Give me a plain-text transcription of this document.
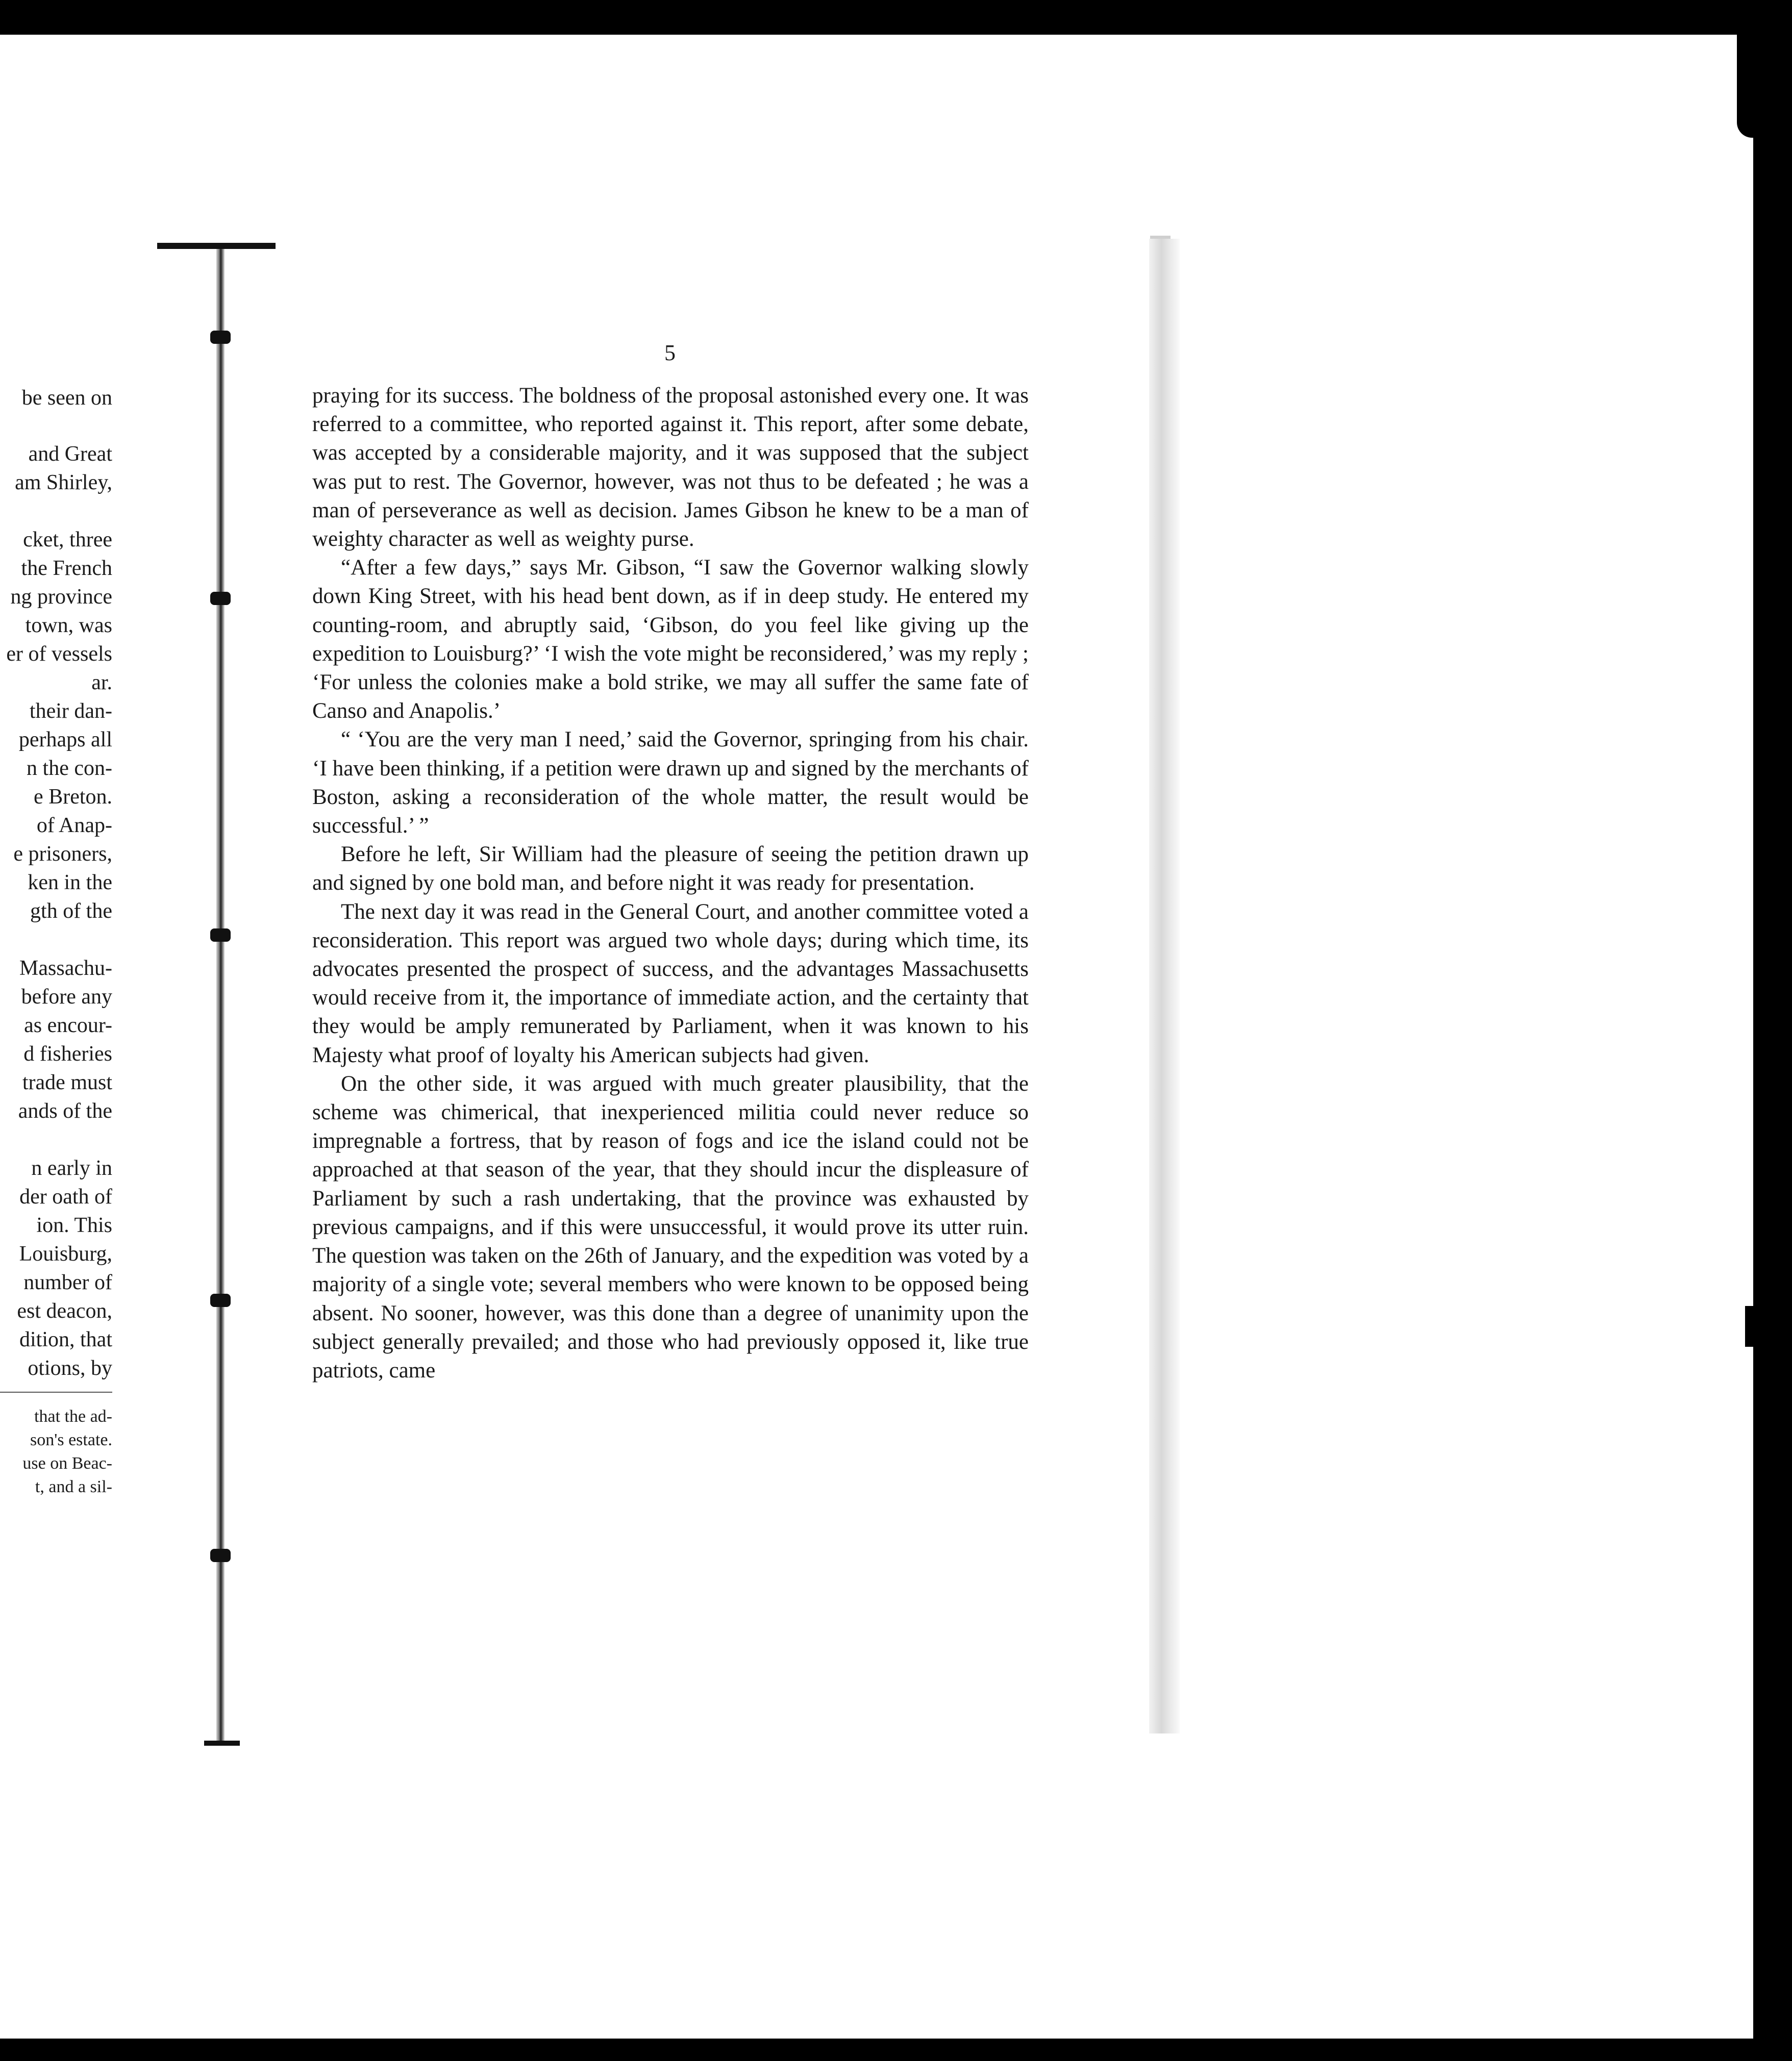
be seen on
and Great
am Shirley,
cket, three
the French
ng province
town, was
er of vessels
ar.
their dan-
perhaps all
n the con-
e Breton.
of Anap-
e prisoners,
ken in the
gth of the
Massachu-
before any
as encour-
d fisheries
trade must
ands of the
n early in
der oath of
ion. This
Louisburg,
number of
est deacon,
dition, that
otions, by
that the ad-
son's estate.
use on Beac-
t, and a sil-
5

praying for its success. The boldness of the proposal astonished every one. It was referred to a committee, who reported against it. This report, after some debate, was accepted by a considerable majority, and it was supposed that the subject was put to rest. The Governor, however, was not thus to be defeated ; he was a man of perseverance as well as decision. James Gibson he knew to be a man of weighty character as well as weighty purse.

“After a few days,” says Mr. Gibson, “I saw the Governor walking slowly down King Street, with his head bent down, as if in deep study. He entered my counting-room, and abruptly said, ‘Gibson, do you feel like giving up the expedition to Louisburg?’ ‘I wish the vote might be reconsidered,’ was my reply ; ‘For unless the colonies make a bold strike, we may all suffer the same fate of Canso and Anapolis.’

“ ‘You are the very man I need,’ said the Governor, springing from his chair. ‘I have been thinking, if a petition were drawn up and signed by the merchants of Boston, asking a reconsideration of the whole matter, the result would be successful.’ ”

Before he left, Sir William had the pleasure of seeing the petition drawn up and signed by one bold man, and before night it was ready for presentation.

The next day it was read in the General Court, and another committee voted a reconsideration. This report was argued two whole days; during which time, its advocates presented the prospect of success, and the advantages Massachusetts would receive from it, the importance of immediate action, and the certainty that they would be amply remunerated by Parliament, when it was known to his Majesty what proof of loyalty his American subjects had given.

On the other side, it was argued with much greater plausibility, that the scheme was chimerical, that inexperienced militia could never reduce so impregnable a fortress, that by reason of fogs and ice the island could not be approached at that season of the year, that they should incur the displeasure of Parliament by such a rash undertaking, that the province was exhausted by previous campaigns, and if this were unsuccessful, it would prove its utter ruin. The question was taken on the 26th of January, and the expedition was voted by a majority of a single vote; several members who were known to be opposed being absent. No sooner, however, was this done than a degree of unanimity upon the subject generally prevailed; and those who had previously opposed it, like true patriots, came
